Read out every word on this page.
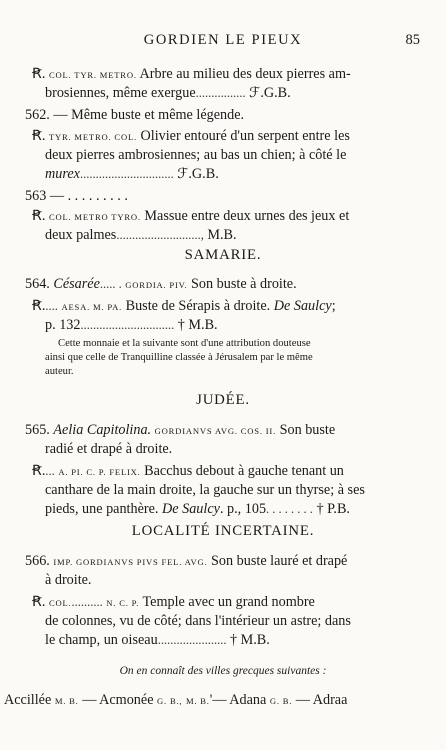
GORDIEN LE PIEUX	85
Ꞧ. COL. TYR. METRO. Arbre au milieu des deux pierres am-
brosiennes, même exergue................ ℱ.G.B.
562. — Même buste et même légende.
Ꞧ. TYR. METRO. COL. Olivier entouré d'un serpent entre les
deux pierres ambrosiennes; au bas un chien; à côté le
murex.............................. ℱ.G.B.
563 — . . . . . . . . .
Ꞧ. COL. METRO TYRO. Massue entre deux urnes des jeux et
deux palmes..........................., M.B.
SAMARIE.
564. Césarée..... . GORDIA. PIV. Son buste à droite.
Ꞧ..... AESA. M. PA. Buste de Sérapis à droite. De Saulcy;
p. 132.............................. † M.B.
Cette monnaie et la suivante sont d'une attribution douteuse
ainsi que celle de Tranquilline classée à Jérusalem par le même
auteur.
JUDÉE.
565. Aelia Capitolina. GORDIANVS AVG. COS. II. Son buste
radié et drapé à droite.
Ꞧ.... A. PI. C. P. FELIX. Bacchus debout à gauche tenant un
canthare de la main droite, la gauche sur un thyrse; à ses
pieds, une panthère. De Saulcy. p., 105. . . . . . . . † P.B.
LOCALITÉ INCERTAINE.
566. IMP. GORDIANVS PIVS FEL. AVG. Son buste lauré et drapé
à droite.
Ꞧ. COL........... N. C. P. Temple avec un grand nombre
de colonnes, vu de côté; dans l'intérieur un astre; dans
le champ, un oiseau...................... † M.B.
On en connaît des villes grecques suivantes :
Accillée M. B. — Acmonée G. B., M. B.'— Adana G. B. — Adraa
